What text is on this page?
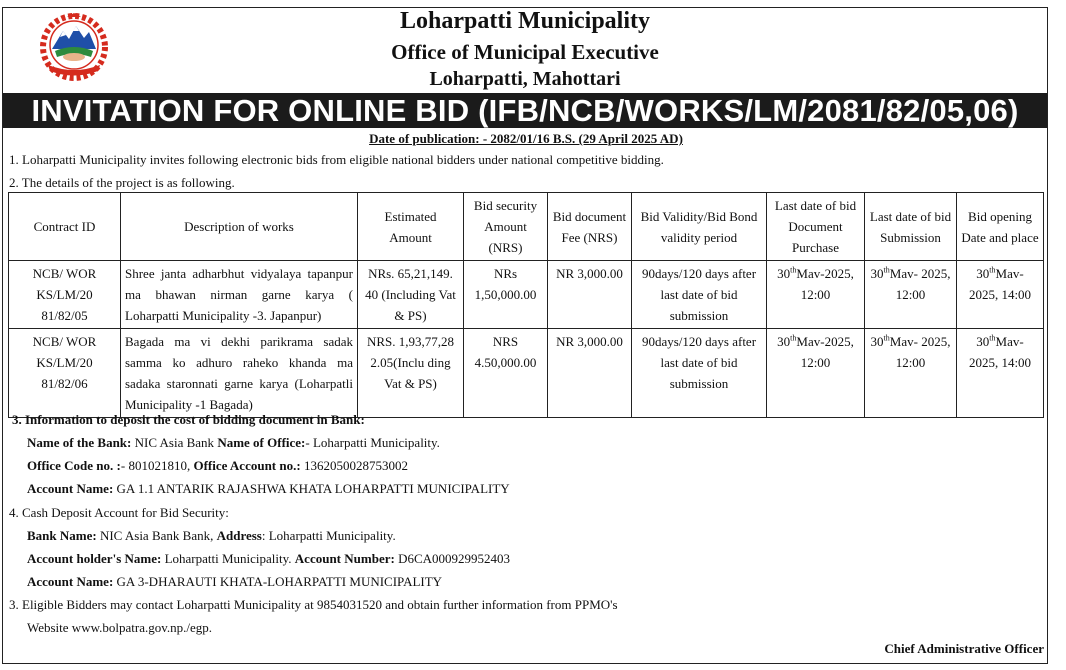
Loharpatti Municipality
Office of Municipal Executive
Loharpatti, Mahottari
INVITATION FOR ONLINE BID (IFB/NCB/WORKS/LM/2081/82/05,06)
Date of publication: - 2082/01/16 B.S. (29 April 2025 AD)
1. Loharpatti Municipality invites following electronic bids from eligible national bidders under national competitive bidding.
2. The details of the project is as following.
Contract ID	Description of works	Estimated Amount	Bid security Amount (NRS)	Bid document Fee (NRS)	Bid Validity/Bid Bond validity period	Last date of bid Document Purchase	Last date of bid Submission	Bid opening Date and place
NCB/ WOR KS/LM/20 81/82/05	Shree janta adharbhut vidyalaya tapanpur ma bhawan nirman garne karya ( Loharpatti Municipality -3. Japanpur)	NRs. 65,21,149. 40 (Including Vat & PS)	NRs 1,50,000.00	NR 3,000.00	90days/120 days after last date of bid submission	30thMav-2025, 12:00	30thMav- 2025, 12:00	30thMav- 2025, 14:00
NCB/ WOR KS/LM/20 81/82/06	Bagada ma vi dekhi parikrama sadak samma ko adhuro raheko khanda ma sadaka staronnati garne karya (Loharpatli Municipality -1 Bagada)	NRS. 1,93,77,28 2.05(Inclu ding Vat & PS)	NRS 4.50,000.00	NR 3,000.00	90days/120 days after last date of bid submission	30thMav-2025, 12:00	30thMav- 2025, 12:00	30thMav- 2025, 14:00
3. Information to deposit the cost of bidding document in Bank:
Name of the Bank: NIC Asia Bank Name of Office:- Loharpatti Municipality.
Office Code no. :- 801021810, Office Account no.: 1362050028753002
Account Name: GA 1.1 ANTARIK RAJASHWA KHATA LOHARPATTI MUNICIPALITY
4. Cash Deposit Account for Bid Security:
Bank Name: NIC Asia Bank Bank, Address: Loharpatti Municipality.
Account holder's Name: Loharpatti Municipality. Account Number: D6CA000929952403
Account Name: GA 3-DHARAUTI KHATA-LOHARPATTI MUNICIPALITY
3. Eligible Bidders may contact Loharpatti Municipality at 9854031520 and obtain further information from PPMO's
Website www.bolpatra.gov.np./egp.
Chief Administrative Officer
